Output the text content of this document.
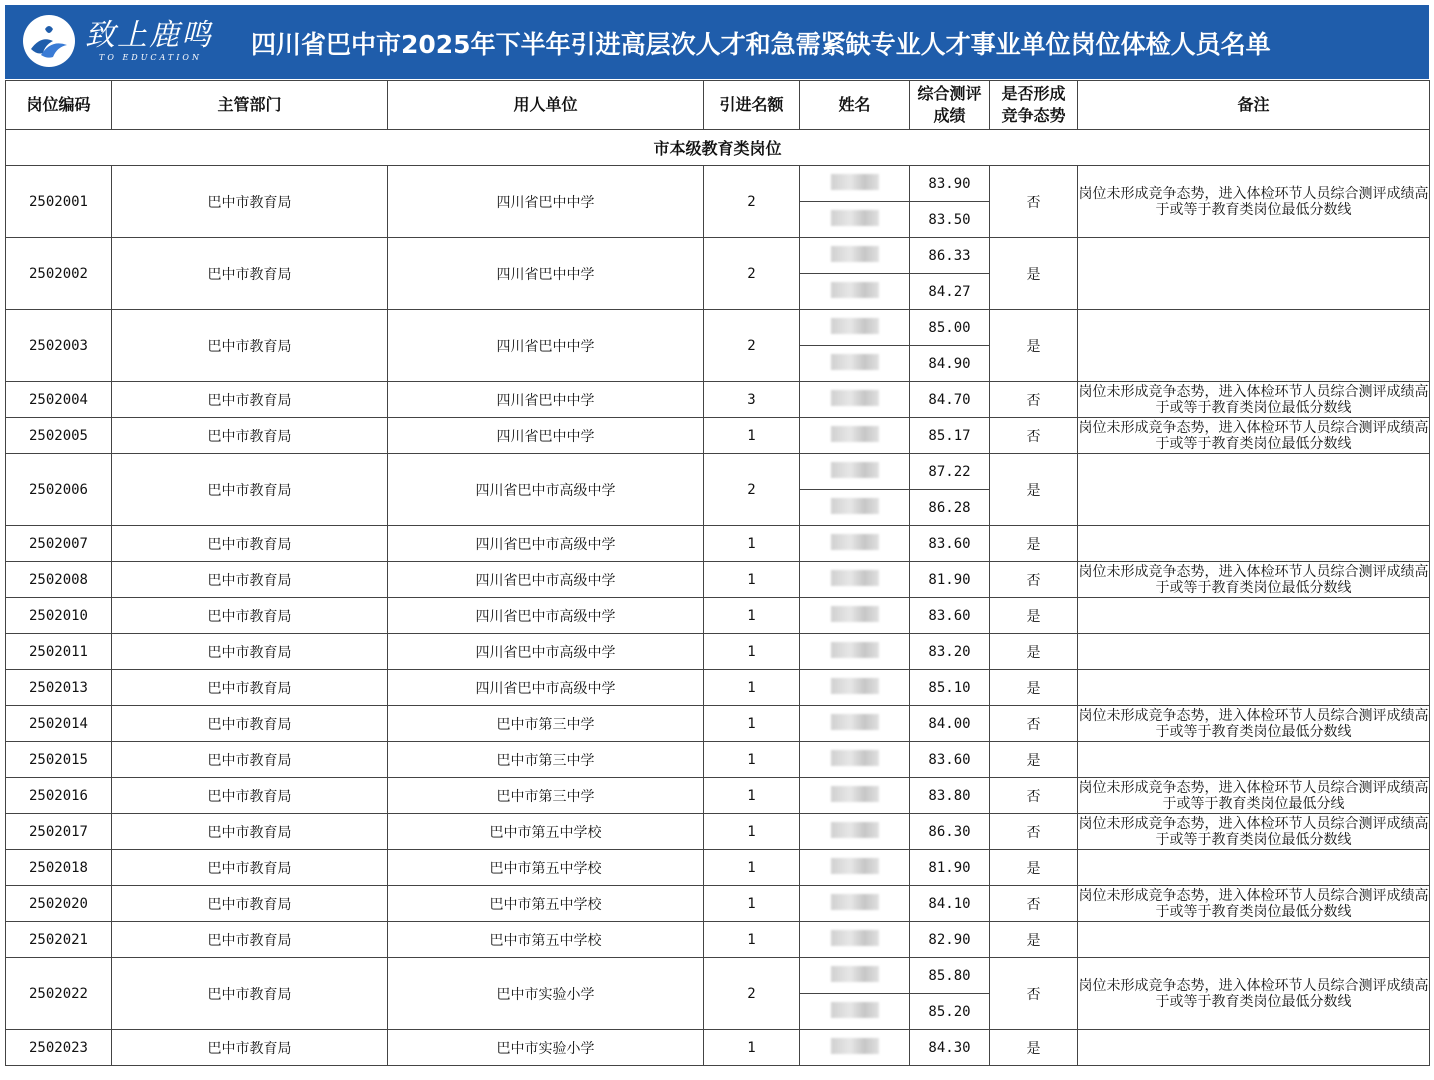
致上鹿鸣
TO EDUCATION	四川省巴中市2025年下半年引进高层次人才和急需紧缺专业人才事业单位岗位体检人员名单
岗位编码	主管部门	用人单位	引进名额	姓名	综合测评成绩	是否形成竞争态势	备注
市本级教育类岗位							
2502001	巴中市教育局	四川省巴中中学	2		83.90	否	岗位未形成竞争态势，进入体检环节人员综合测评成绩高于或等于教育类岗位最低分数线
					83.50		
2502002	巴中市教育局	四川省巴中中学	2		86.33	是	
					84.27		
2502003	巴中市教育局	四川省巴中中学	2		85.00	是	
					84.90		
2502004	巴中市教育局	四川省巴中中学	3		84.70	否	岗位未形成竞争态势，进入体检环节人员综合测评成绩高于或等于教育类岗位最低分数线
2502005	巴中市教育局	四川省巴中中学	1		85.17	否	岗位未形成竞争态势，进入体检环节人员综合测评成绩高于或等于教育类岗位最低分数线
2502006	巴中市教育局	四川省巴中市高级中学	2		87.22	是	
					86.28		
2502007	巴中市教育局	四川省巴中市高级中学	1		83.60	是	
2502008	巴中市教育局	四川省巴中市高级中学	1		81.90	否	岗位未形成竞争态势，进入体检环节人员综合测评成绩高于或等于教育类岗位最低分数线
2502010	巴中市教育局	四川省巴中市高级中学	1		83.60	是	
2502011	巴中市教育局	四川省巴中市高级中学	1		83.20	是	
2502013	巴中市教育局	四川省巴中市高级中学	1		85.10	是	
2502014	巴中市教育局	巴中市第三中学	1		84.00	否	岗位未形成竞争态势，进入体检环节人员综合测评成绩高于或等于教育类岗位最低分数线
2502015	巴中市教育局	巴中市第三中学	1		83.60	是	
2502016	巴中市教育局	巴中市第三中学	1		83.80	否	岗位未形成竞争态势，进入体检环节人员综合测评成绩高于或等于教育类岗位最低分线
2502017	巴中市教育局	巴中市第五中学校	1		86.30	否	岗位未形成竞争态势，进入体检环节人员综合测评成绩高于或等于教育类岗位最低分数线
2502018	巴中市教育局	巴中市第五中学校	1		81.90	是	
2502020	巴中市教育局	巴中市第五中学校	1		84.10	否	岗位未形成竞争态势，进入体检环节人员综合测评成绩高于或等于教育类岗位最低分数线
2502021	巴中市教育局	巴中市第五中学校	1		82.90	是	
2502022	巴中市教育局	巴中市实验小学	2		85.80	否	岗位未形成竞争态势，进入体检环节人员综合测评成绩高于或等于教育类岗位最低分数线
					85.20		
2502023	巴中市教育局	巴中市实验小学	1		84.30	是	
